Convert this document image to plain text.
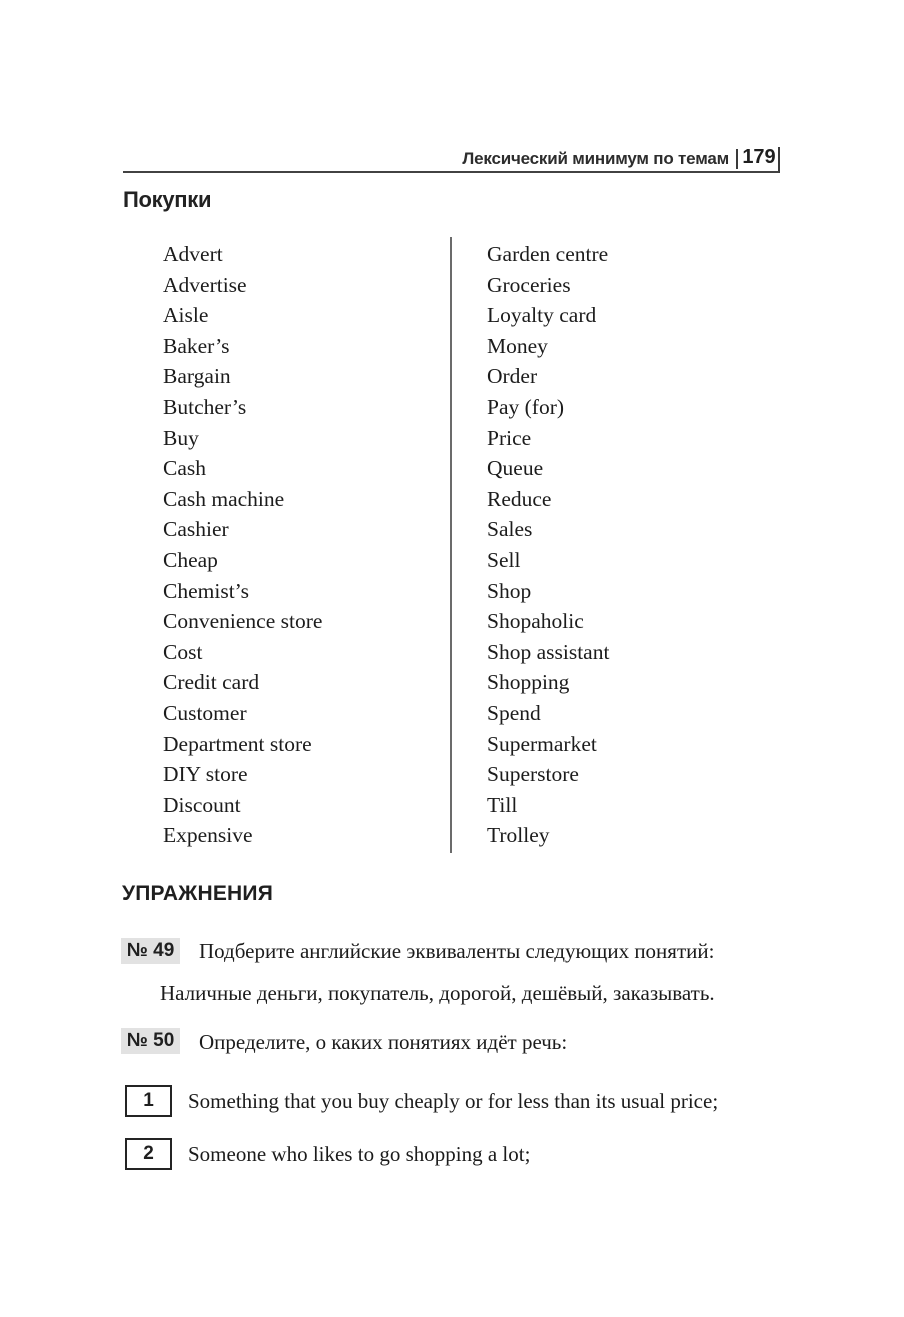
Лексический минимум по темам 179
Покупки
Advert
Advertise
Aisle
Baker’s
Bargain
Butcher’s
Buy
Cash
Cash machine
Cashier
Cheap
Chemist’s
Convenience store
Cost
Credit card
Customer
Department store
DIY store
Discount
Expensive
Garden centre
Groceries
Loyalty card
Money
Order
Pay (for)
Price
Queue
Reduce
Sales
Sell
Shop
Shopaholic
Shop assistant
Shopping
Spend
Supermarket
Superstore
Till
Trolley
УПРАЖНЕНИЯ
№ 49 Подберите английские эквиваленты следующих понятий:
Наличные деньги, покупатель, дорогой, дешёвый, заказывать.
№ 50 Определите, о каких понятиях идёт речь:
1	Something that you buy cheaply or for less than its usual price;
2	Someone who likes to go shopping a lot;
